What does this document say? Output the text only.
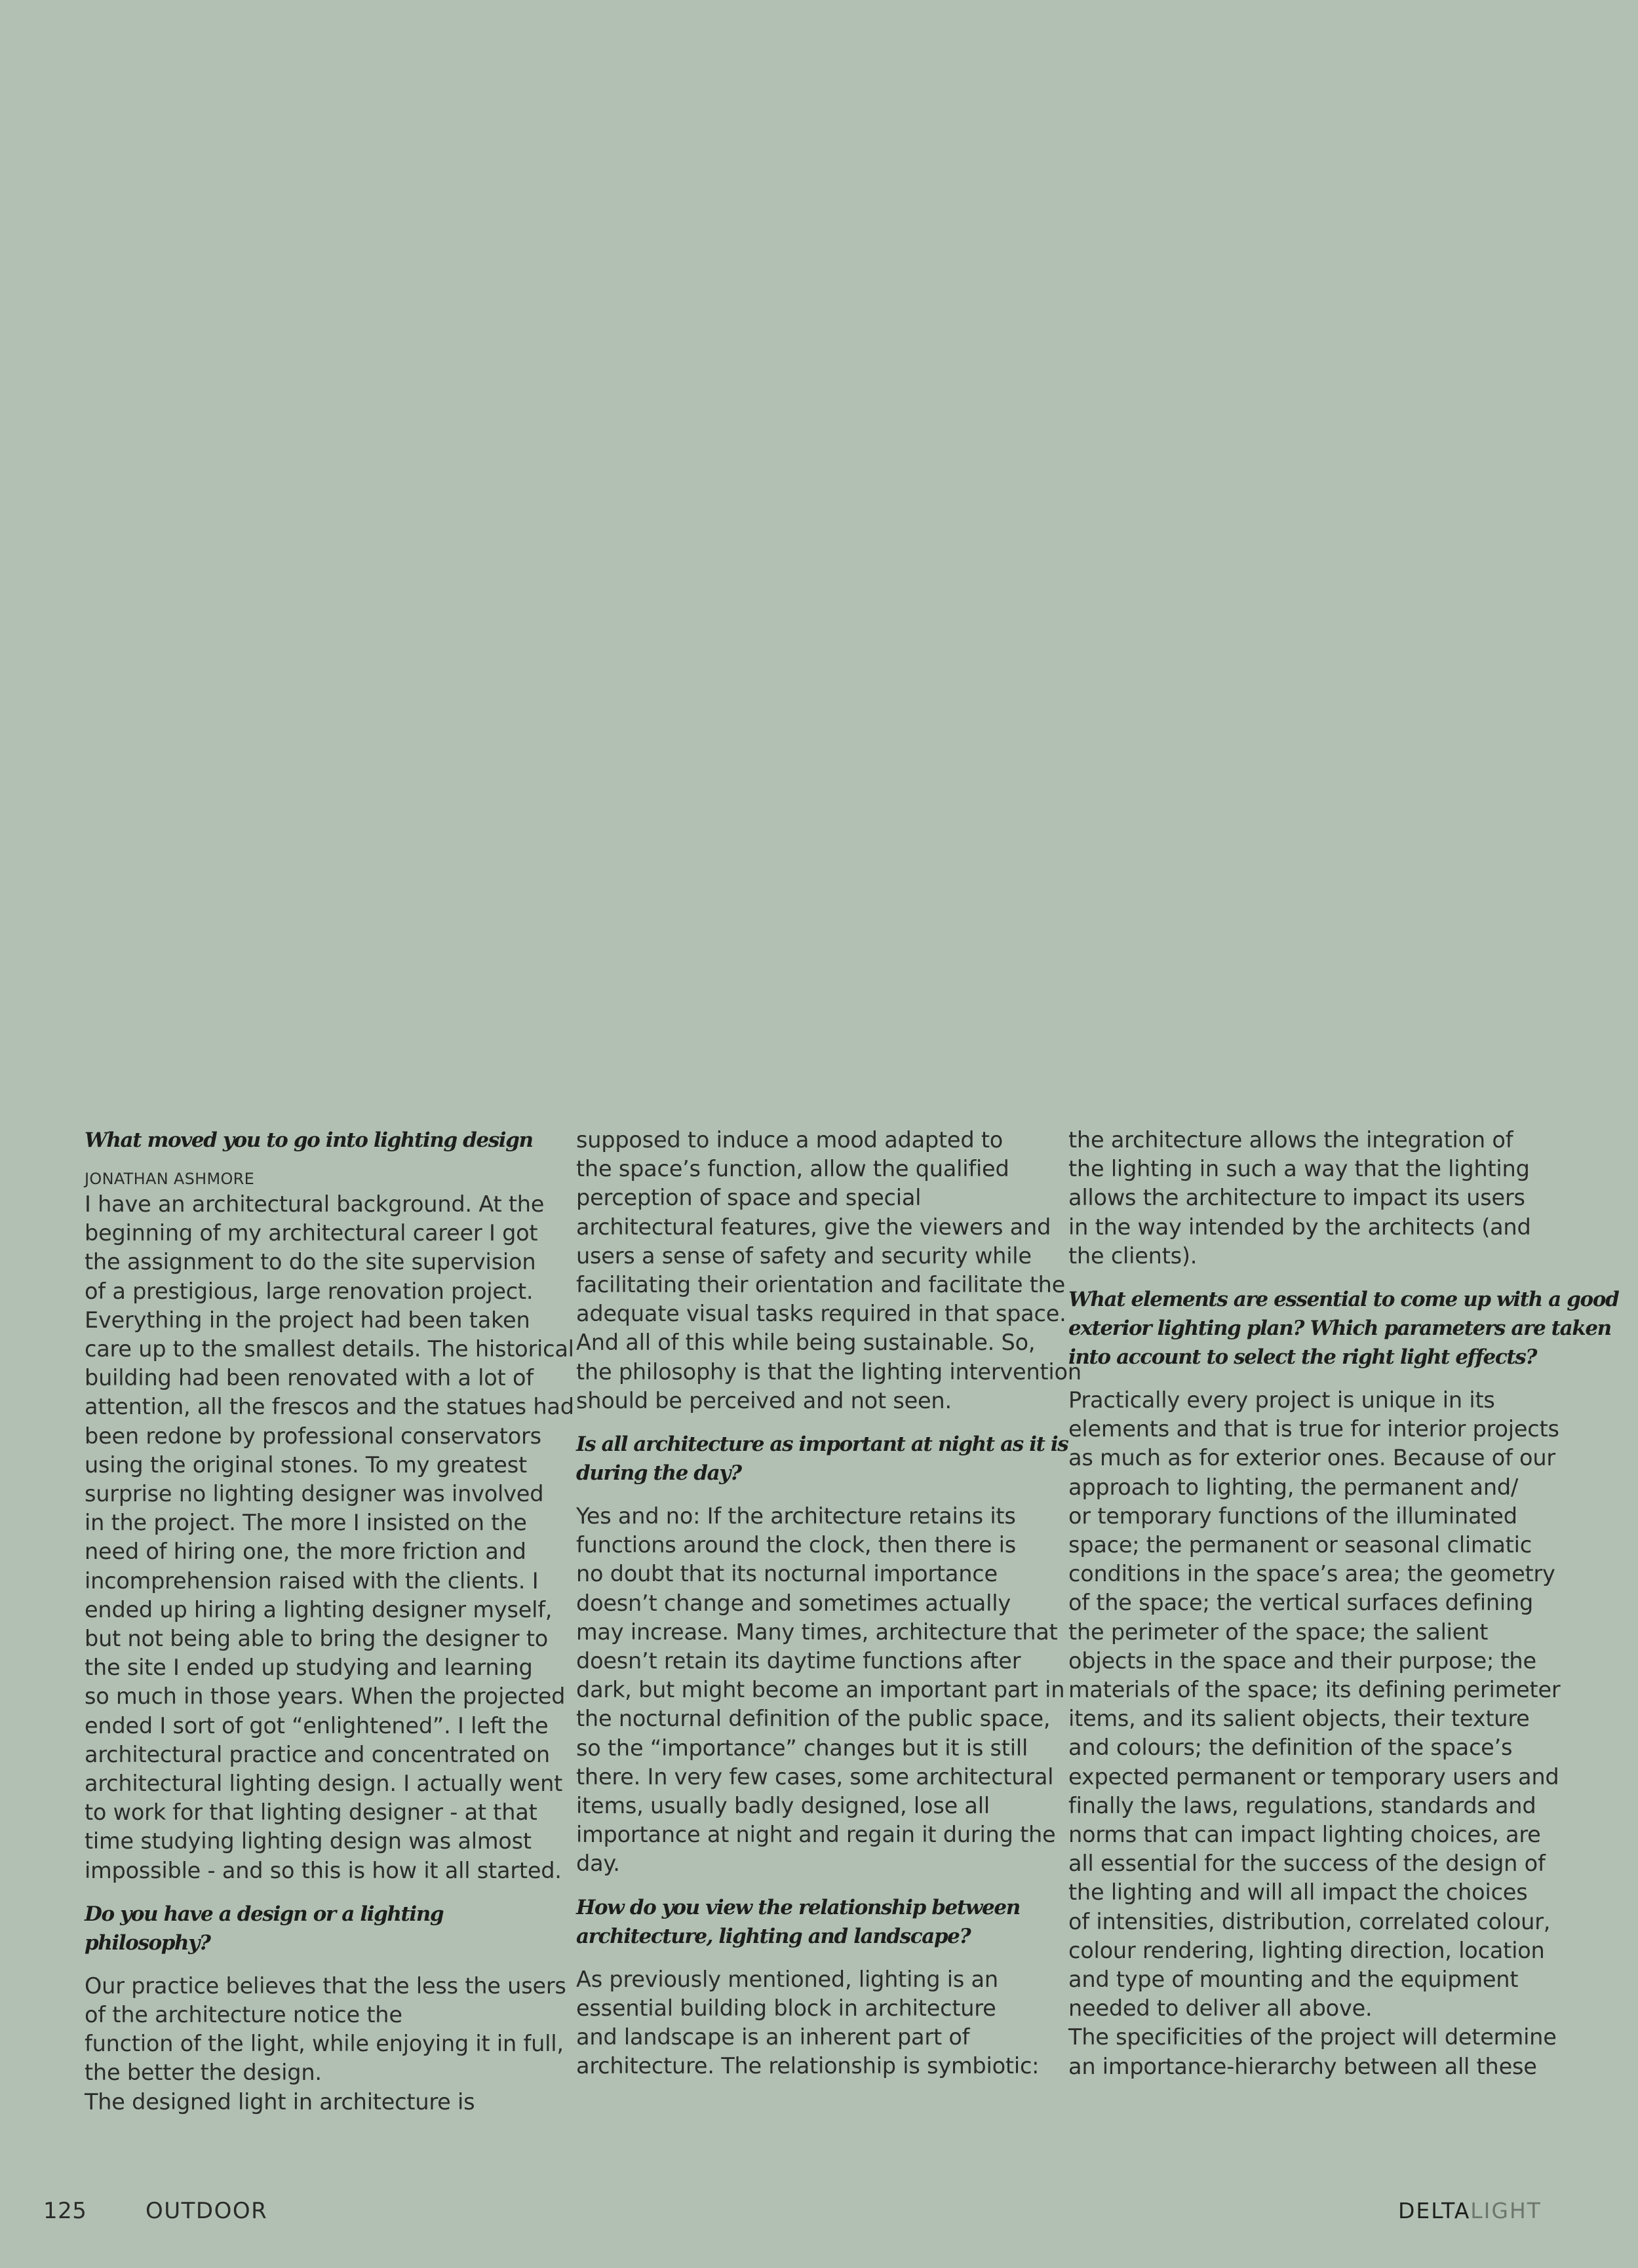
What moved you to go into lighting design
JONATHAN ASHMORE
I have an architectural background. At the
beginning of my architectural career I got
the assignment to do the site supervision
of a prestigious, large renovation project.
Everything in the project had been taken
care up to the smallest details. The historical
building had been renovated with a lot of
attention, all the frescos and the statues had
been redone by professional conservators
using the original stones. To my greatest
surprise no lighting designer was involved
in the project. The more I insisted on the
need of hiring one, the more friction and
incomprehension raised with the clients. I
ended up hiring a lighting designer myself,
but not being able to bring the designer to
the site I ended up studying and learning
so much in those years. When the projected
ended I sort of got “enlightened”. I left the
architectural practice and concentrated on
architectural lighting design. I actually went
to work for that lighting designer - at that
time studying lighting design was almost
impossible - and so this is how it all started.
Do you have a design or a lighting philosophy?
Our practice believes that the less the users
of the architecture notice the
function of the light, while enjoying it in full,
the better the design.
The designed light in architecture is
supposed to induce a mood adapted to
the space’s function, allow the qualified
perception of space and special
architectural features, give the viewers and
users a sense of safety and security while
facilitating their orientation and facilitate the
adequate visual tasks required in that space.
And all of this while being sustainable. So,
the philosophy is that the lighting intervention
should be perceived and not seen.
Is all architecture as important at night as it is
during the day?
Yes and no: If the architecture retains its
functions around the clock, then there is
no doubt that its nocturnal importance
doesn’t change and sometimes actually
may increase. Many times, architecture that
doesn’t retain its daytime functions after
dark, but might become an important part in
the nocturnal definition of the public space,
so the “importance” changes but it is still
there. In very few cases, some architectural
items, usually badly designed, lose all
importance at night and regain it during the
day.
How do you view the relationship between
architecture, lighting and landscape?
As previously mentioned, lighting is an
essential building block in architecture
and landscape is an inherent part of
architecture. The relationship is symbiotic:
the architecture allows the integration of
the lighting in such a way that the lighting
allows the architecture to impact its users
in the way intended by the architects (and
the clients).
What elements are essential to come up with a good
exterior lighting plan? Which parameters are taken
into account to select the right light effects?
Practically every project is unique in its
elements and that is true for interior projects
as much as for exterior ones. Because of our
approach to lighting, the permanent and/
or temporary functions of the illuminated
space; the permanent or seasonal climatic
conditions in the space’s area; the geometry
of the space; the vertical surfaces defining
the perimeter of the space; the salient
objects in the space and their purpose; the
materials of the space; its defining perimeter
items, and its salient objects, their texture
and colours; the definition of the space’s
expected permanent or temporary users and
finally the laws, regulations, standards and
norms that can impact lighting choices, are
all essential for the success of the design of
the lighting and will all impact the choices
of intensities, distribution, correlated colour,
colour rendering, lighting direction, location
and type of mounting and the equipment
needed to deliver all above.
The specificities of the project will determine
an importance-hierarchy between all these
125	OUTDOOR	DELTALIGHT
